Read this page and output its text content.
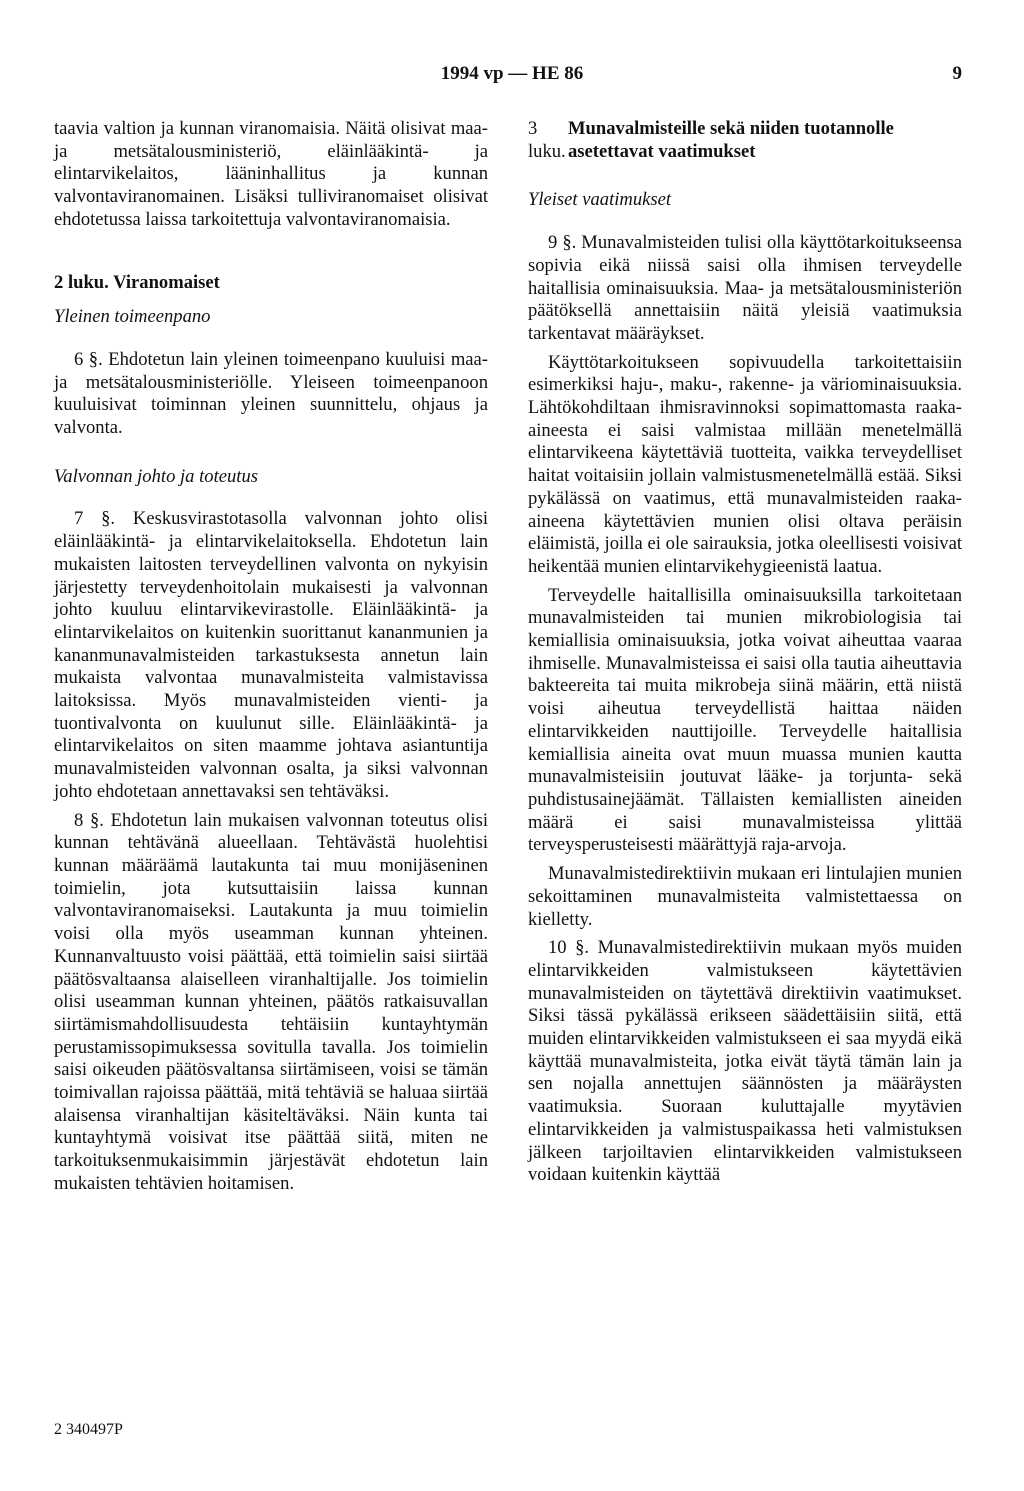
1994 vp — HE 86	9

taavia valtion ja kunnan viranomaisia. Näitä olisivat maa- ja metsätalousministeriö, eläinlääkintä- ja elintarvikelaitos, lääninhallitus ja kunnan valvontaviranomainen. Lisäksi tulliviranomaiset olisivat ehdotetussa laissa tarkoitettuja valvontaviranomaisia.

2 luku. Viranomaiset
Yleinen toimeenpano

6 §. Ehdotetun lain yleinen toimeenpano kuuluisi maa- ja metsätalousministeriölle. Yleiseen toimeenpanoon kuuluisivat toiminnan yleinen suunnittelu, ohjaus ja valvonta.

Valvonnan johto ja toteutus

7 §. Keskusvirastotasolla valvonnan johto olisi eläinlääkintä- ja elintarvikelaitoksella. Ehdotetun lain mukaisten laitosten terveydellinen valvonta on nykyisin järjestetty terveydenhoitolain mukaisesti ja valvonnan johto kuuluu elintarvikevirastolle. Eläinlääkintä- ja elintarvikelaitos on kuitenkin suorittanut kananmunien ja kananmunavalmisteiden tarkastuksesta annetun lain mukaista valvontaa munavalmisteita valmistavissa laitoksissa. Myös munavalmisteiden vienti- ja tuontivalvonta on kuulunut sille. Eläinlääkintä- ja elintarvikelaitos on siten maamme johtava asiantuntija munavalmisteiden valvonnan osalta, ja siksi valvonnan johto ehdotetaan annettavaksi sen tehtäväksi.

8 §. Ehdotetun lain mukaisen valvonnan toteutus olisi kunnan tehtävänä alueellaan. Tehtävästä huolehtisi kunnan määräämä lautakunta tai muu monijäseninen toimielin, jota kutsuttaisiin laissa kunnan valvontaviranomaiseksi. Lautakunta ja muu toimielin voisi olla myös useamman kunnan yhteinen. Kunnanvaltuusto voisi päättää, että toimielin saisi siirtää päätösvaltaansa alaiselleen viranhaltijalle. Jos toimielin olisi useamman kunnan yhteinen, päätös ratkaisuvallan siirtämismahdollisuudesta tehtäisiin kuntayhtymän perustamissopimuksessa sovitulla tavalla. Jos toimielin saisi oikeuden päätösvaltansa siirtämiseen, voisi se tämän toimivallan rajoissa päättää, mitä tehtäviä se haluaa siirtää alaisensa viranhaltijan käsiteltäväksi. Näin kunta tai kuntayhtymä voisivat itse päättää siitä, miten ne tarkoituksenmukaisimmin järjestävät ehdotetun lain mukaisten tehtävien hoitamisen.

3 luku.
Munavalmisteille sekä niiden tuotannolle asetettavat vaatimukset
Yleiset vaatimukset

9 §. Munavalmisteiden tulisi olla käyttötarkoitukseensa sopivia eikä niissä saisi olla ihmisen terveydelle haitallisia ominaisuuksia. Maa- ja metsätalousministeriön päätöksellä annettaisiin näitä yleisiä vaatimuksia tarkentavat määräykset.

Käyttötarkoitukseen sopivuudella tarkoitettaisiin esimerkiksi haju-, maku-, rakenne- ja väriominaisuuksia. Lähtökohdiltaan ihmisravinnoksi sopimattomasta raaka-aineesta ei saisi valmistaa millään menetelmällä elintarvikeena käytettäviä tuotteita, vaikka terveydelliset haitat voitaisiin jollain valmistusmenetelmällä estää. Siksi pykälässä on vaatimus, että munavalmisteiden raaka-aineena käytettävien munien olisi oltava peräisin eläimistä, joilla ei ole sairauksia, jotka oleellisesti voisivat heikentää munien elintarvikehygieenistä laatua.

Terveydelle haitallisilla ominaisuuksilla tarkoitetaan munavalmisteiden tai munien mikrobiologisia tai kemiallisia ominaisuuksia, jotka voivat aiheuttaa vaaraa ihmiselle. Munavalmisteissa ei saisi olla tautia aiheuttavia bakteereita tai muita mikrobeja siinä määrin, että niistä voisi aiheutua terveydellistä haittaa näiden elintarvikkeiden nauttijoille. Terveydelle haitallisia kemiallisia aineita ovat muun muassa munien kautta munavalmisteisiin joutuvat lääke- ja torjunta- sekä puhdistusainejäämät. Tällaisten kemiallisten aineiden määrä ei saisi munavalmisteissa ylittää terveysperusteisesti määrättyjä raja-arvoja.

Munavalmistedirektiivin mukaan eri lintulajien munien sekoittaminen munavalmisteita valmistettaessa on kielletty.

10 §. Munavalmistedirektiivin mukaan myös muiden elintarvikkeiden valmistukseen käytettävien munavalmisteiden on täytettävä direktiivin vaatimukset. Siksi tässä pykälässä erikseen säädettäisiin siitä, että muiden elintarvikkeiden valmistukseen ei saa myydä eikä käyttää munavalmisteita, jotka eivät täytä tämän lain ja sen nojalla annettujen säännösten ja määräysten vaatimuksia. Suoraan kuluttajalle myytävien elintarvikkeiden ja valmistuspaikassa heti valmistuksen jälkeen tarjoiltavien elintarvikkeiden valmistukseen voidaan kuitenkin käyttää

2 340497P
